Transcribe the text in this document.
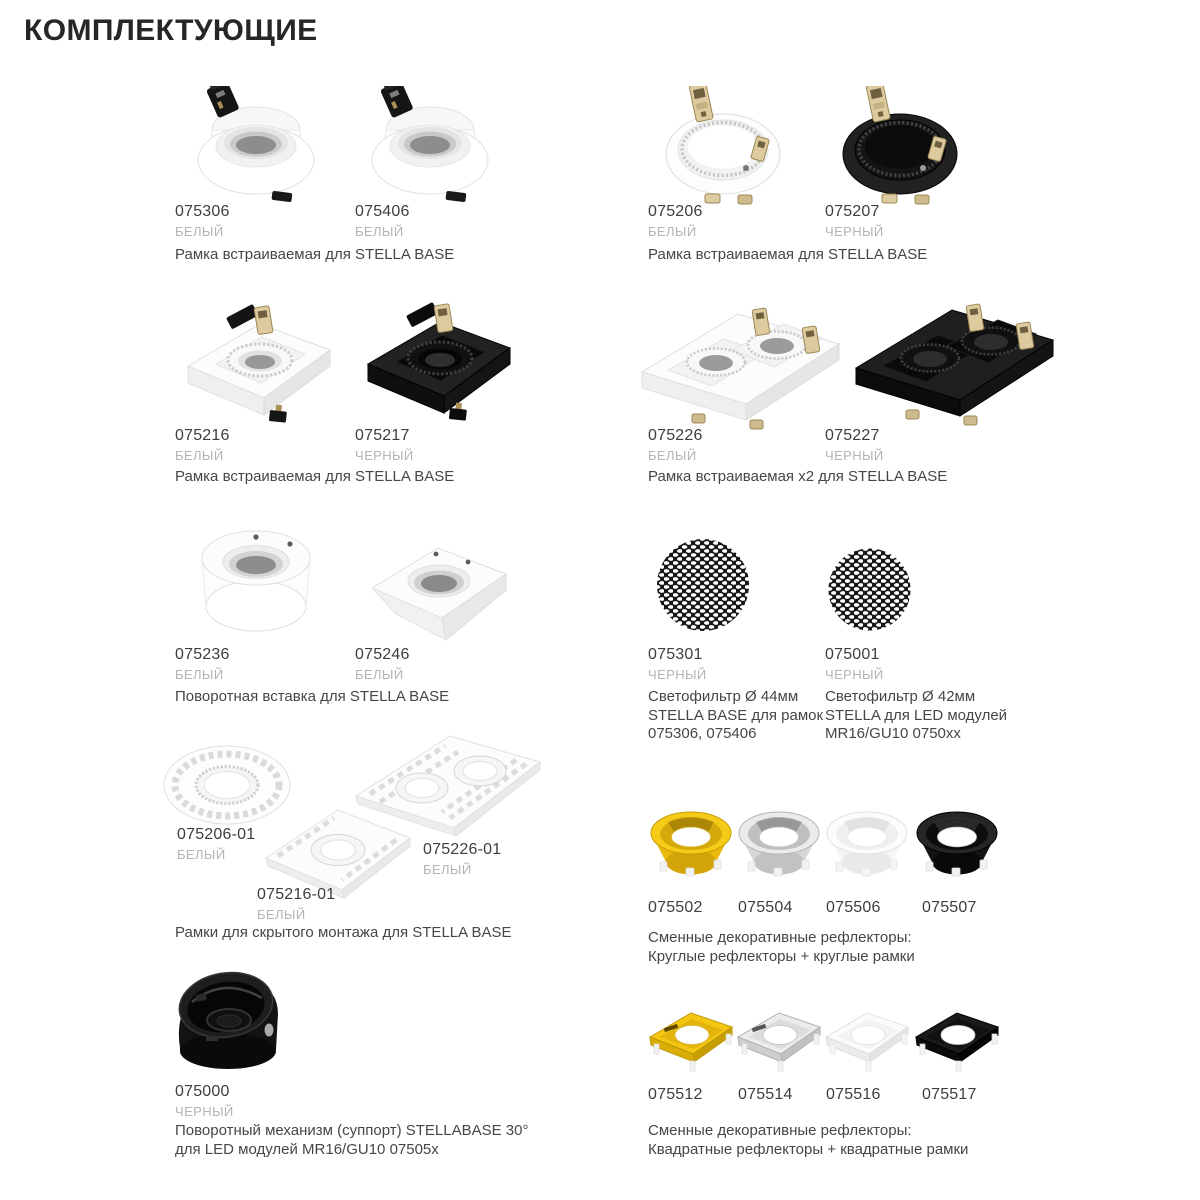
КОМПЛЕКТУЮЩИЕ
075306
БЕЛЫЙ
075406
БЕЛЫЙ
Рамка встраиваемая для STELLA BASE
075206
БЕЛЫЙ
075207
ЧЕРНЫЙ
Рамка встраиваемая для STELLA BASE
075216
БЕЛЫЙ
075217
ЧЕРНЫЙ
Рамка встраиваемая для STELLA BASE
075226
БЕЛЫЙ
075227
ЧЕРНЫЙ
Рамка встраиваемая х2 для STELLA BASE
075236
БЕЛЫЙ
075246
БЕЛЫЙ
Поворотная вставка для STELLA BASE
075301
ЧЕРНЫЙ
075001
ЧЕРНЫЙ
Светофильтр Ø 44мм
STELLA BASE для рамок
075306, 075406
Светофильтр Ø 42мм
STELLA для LED модулей
MR16/GU10 0750xx
075206-01
БЕЛЫЙ	075226-01
БЕЛЫЙ
075216-01
БЕЛЫЙ
Рамки для скрытого монтажа для STELLA BASE
075502 075504 075506	075507
Сменные декоративные рефлекторы:
Круглые рефлекторы + круглые рамки
075000
ЧЕРНЫЙ
Поворотный механизм (суппорт) STELLABASE 30°
для LED модулей MR16/GU10 07505x
075512 075514 075516	075517
Сменные декоративные рефлекторы:
Квадратные рефлекторы + квадратные рамки
